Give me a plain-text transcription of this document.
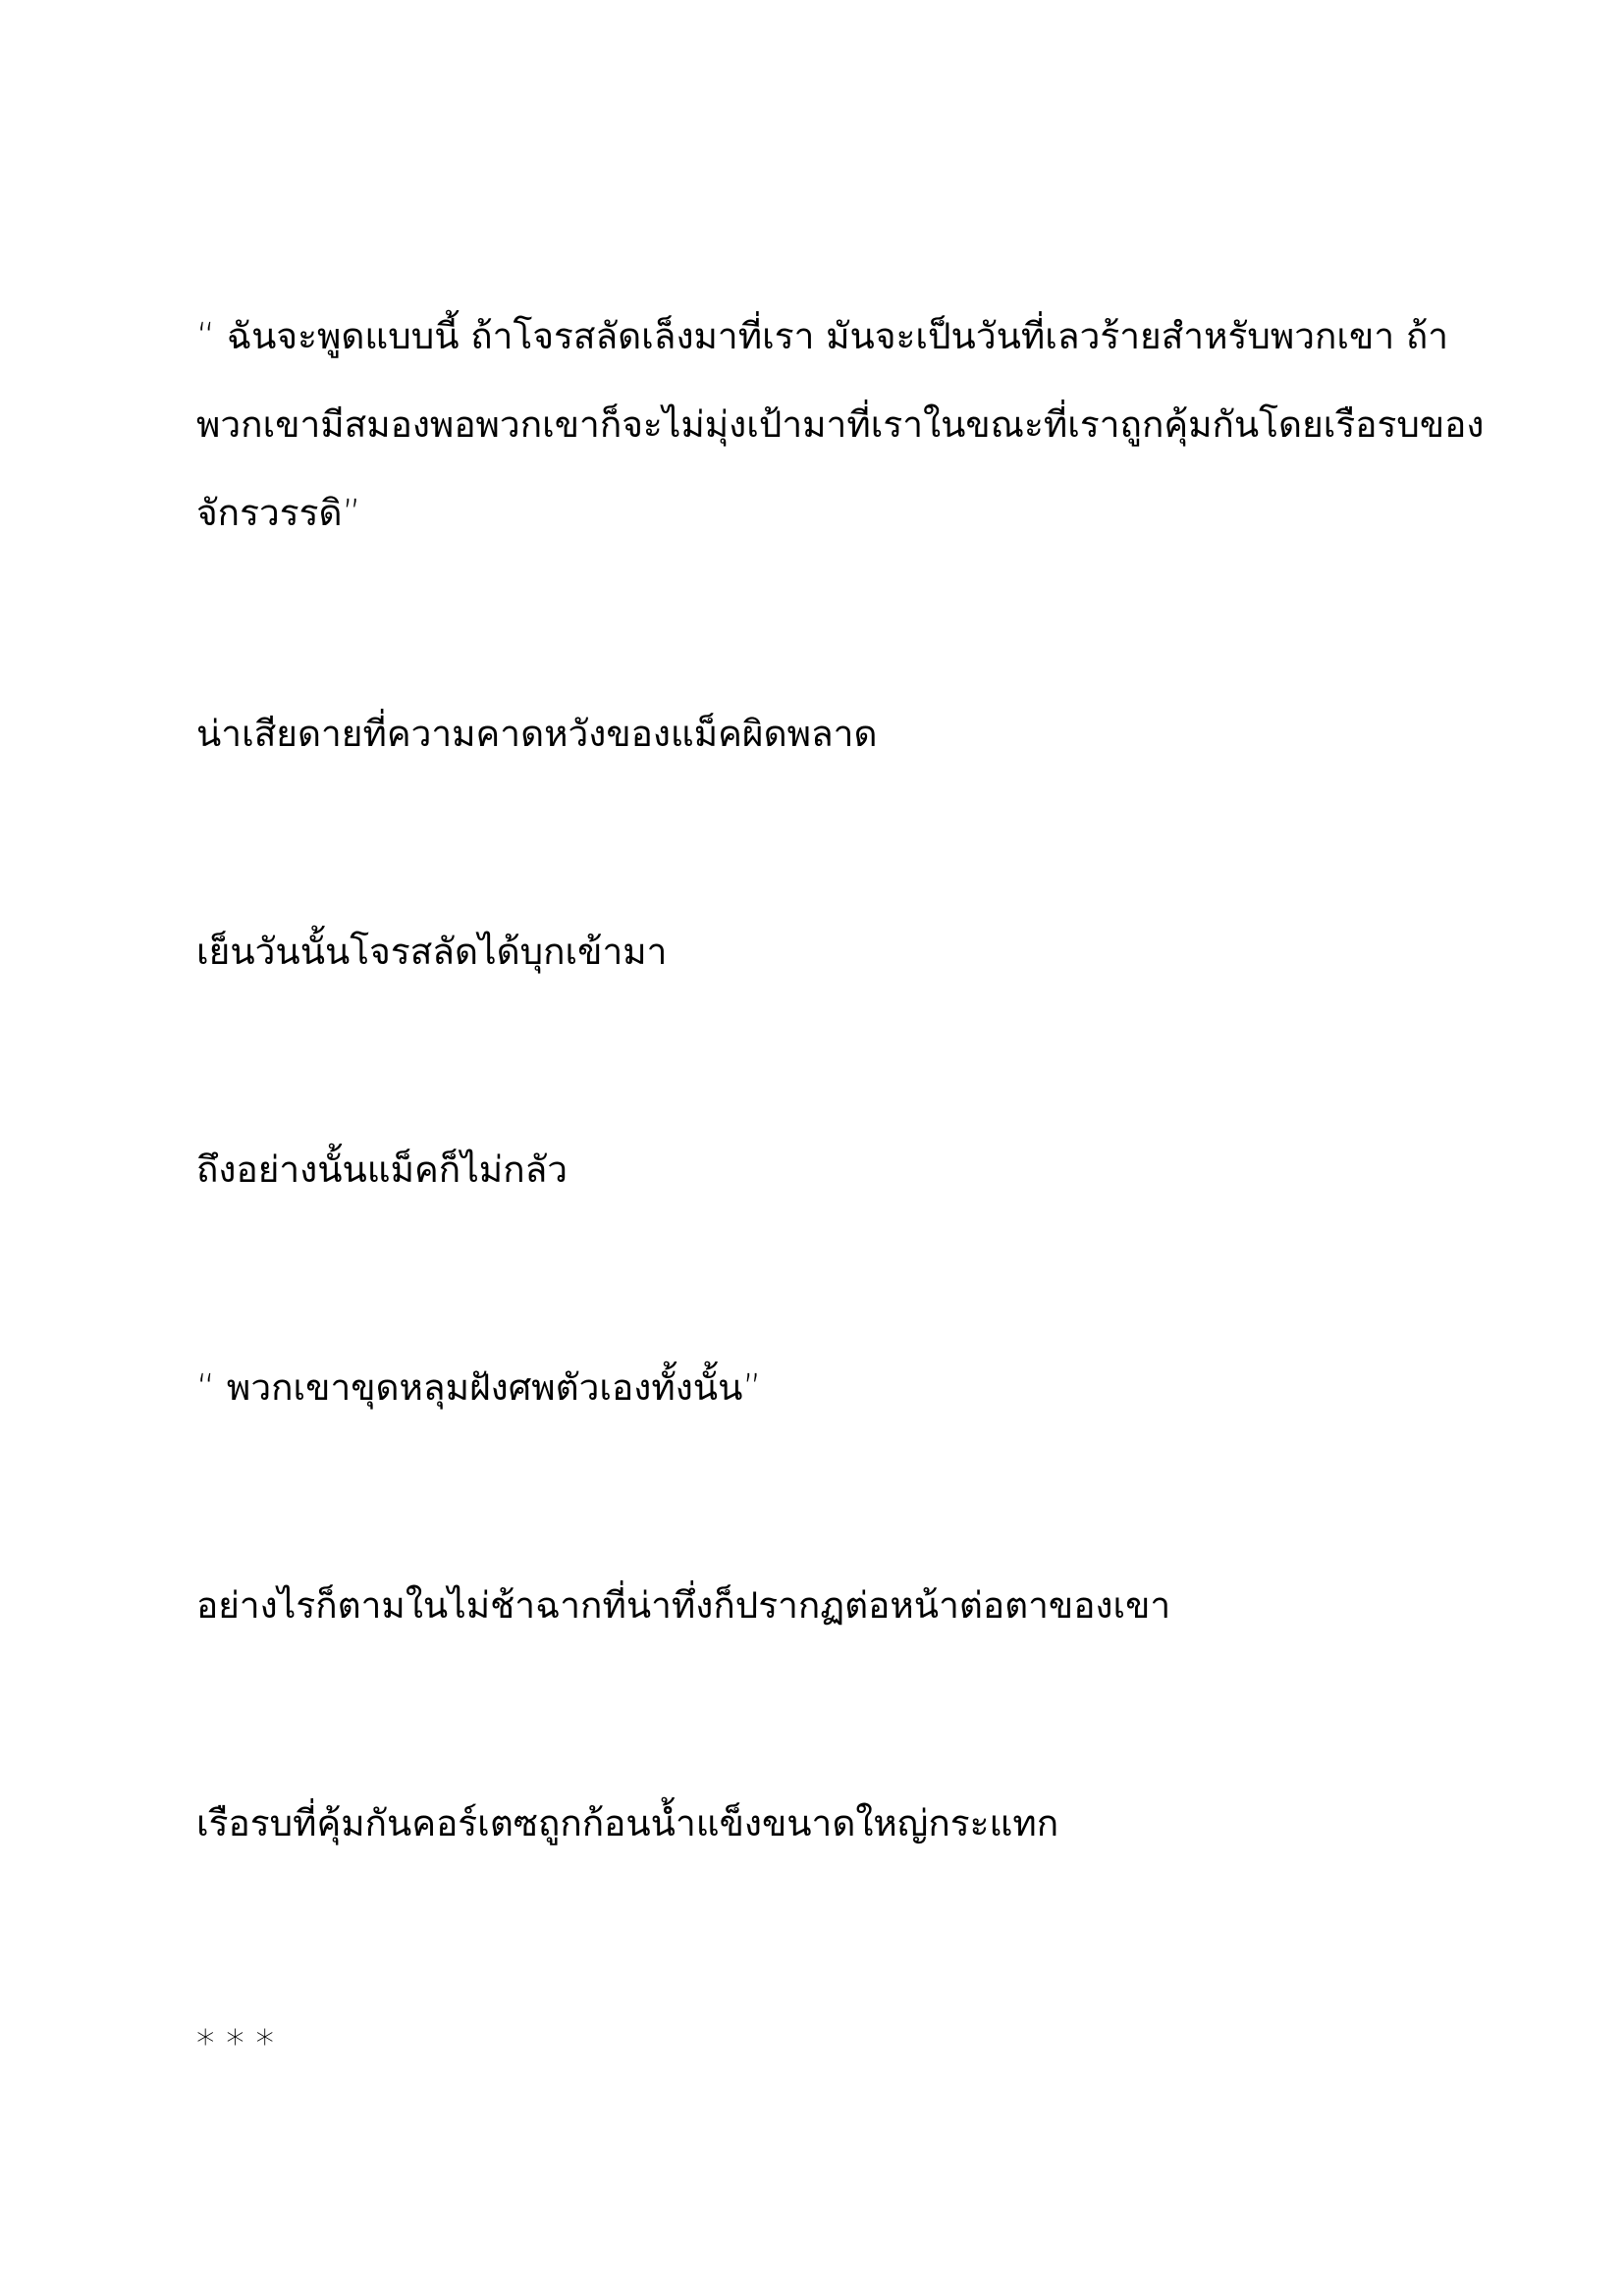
“ ฉันจะพูดแบบนี้ ถ้าโจรสลัดเล็งมาที่เรา มันจะเป็นวันที่เลวร้ายสำหรับพวกเขา ถ้า
พวกเขามีสมองพอพวกเขาก็จะไม่มุ่งเป้ามาที่เราในขณะที่เราถูกคุ้มกันโดยเรือรบของ
จักรวรรดิ”

น่าเสียดายที่ความคาดหวังของแม็คผิดพลาด

เย็นวันนั้นโจรสลัดได้บุกเข้ามา

ถึงอย่างนั้นแม็คก็ไม่กลัว

“ พวกเขาขุดหลุมฝังศพตัวเองทั้งนั้น”

อย่างไรก็ตามในไม่ช้าฉากที่น่าทึ่งก็ปรากฏต่อหน้าต่อตาของเขา

เรือรบที่คุ้มกันคอร์เตซถูกก้อนน้ำแข็งขนาดใหญ่กระแทก

* * *
